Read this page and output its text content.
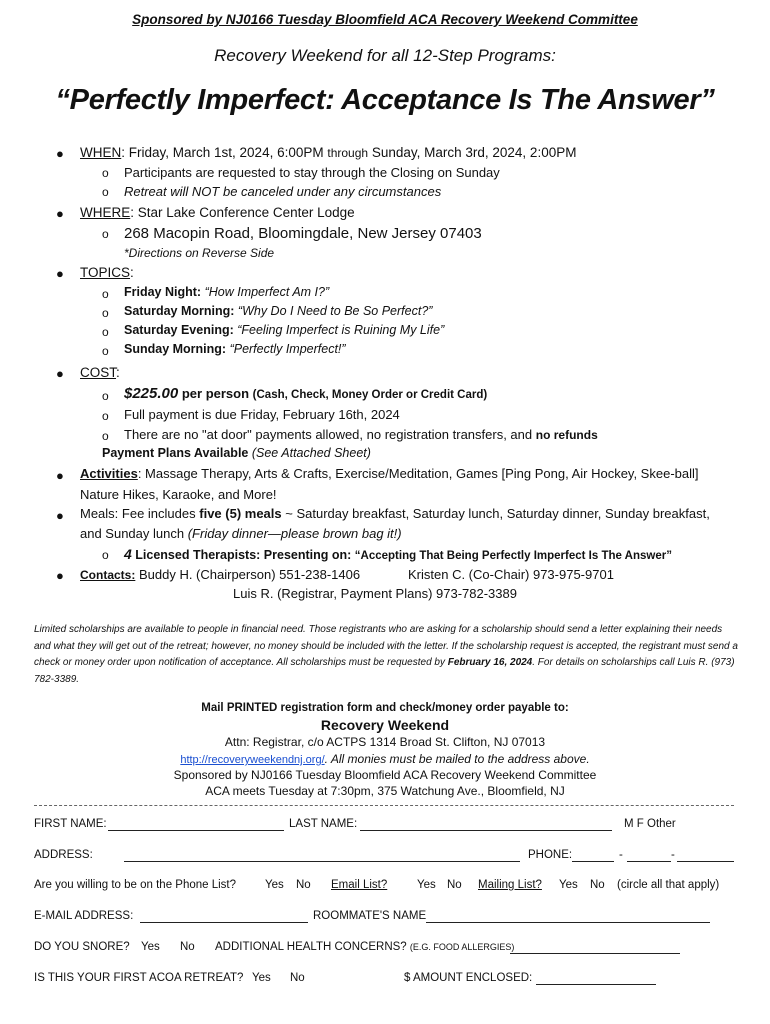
Sponsored by NJ0166 Tuesday Bloomfield ACA Recovery Weekend Committee
Recovery Weekend for all 12-Step Programs:
“Perfectly Imperfect: Acceptance Is The Answer”
● WHEN: Friday, March 1st, 2024, 6:00PM through Sunday, March 3rd, 2024, 2:00PM
o Participants are requested to stay through the Closing on Sunday
o Retreat will NOT be canceled under any circumstances
● WHERE: Star Lake Conference Center Lodge
o 268 Macopin Road, Bloomingdale, New Jersey 07403
*Directions on Reverse Side
● TOPICS:
o Friday Night: “How Imperfect Am I?”
o Saturday Morning: “Why Do I Need to Be So Perfect?”
o Saturday Evening: “Feeling Imperfect is Ruining My Life”
o Sunday Morning: “Perfectly Imperfect!”
● COST:
o $225.00 per person (Cash, Check, Money Order or Credit Card)
o Full payment is due Friday, February 16th, 2024
o There are no "at door" payments allowed, no registration transfers, and no refunds
Payment Plans Available (See Attached Sheet)
● Activities: Massage Therapy, Arts & Crafts, Exercise/Meditation, Games [Ping Pong, Air Hockey, Skee-ball]
Nature Hikes, Karaoke, and More!
● Meals: Fee includes five (5) meals ~ Saturday breakfast, Saturday lunch, Saturday dinner, Sunday breakfast,
and Sunday lunch (Friday dinner—please brown bag it!)
o 4 Licensed Therapists: Presenting on: “Accepting That Being Perfectly Imperfect Is The Answer”
● Contacts: Buddy H. (Chairperson) 551-238-1406	Kristen C. (Co-Chair) 973-975-9701
Luis R. (Registrar, Payment Plans) 973-782-3389
Limited scholarships are available to people in financial need. Those registrants who are asking for a scholarship should send a letter explaining their needs and what they will get out of the retreat; however, no money should be included with the letter. If the scholarship request is accepted, the registrant must send a check or money order upon notification of acceptance. All scholarships must be requested by February 16, 2024. For details on scholarships call Luis R. (973) 782-3389.
Mail PRINTED registration form and check/money order payable to:
Recovery Weekend
Attn: Registrar, c/o ACTPS 1314 Broad St. Clifton, NJ 07013
http://recoveryweekendnj.org/. All monies must be mailed to the address above.
Sponsored by NJ0166 Tuesday Bloomfield ACA Recovery Weekend Committee
ACA meets Tuesday at 7:30pm, 375 Watchung Ave., Bloomfield, NJ
FIRST NAME:	LAST NAME:	M F Other
ADDRESS:	PHONE:	-	-
Are you willing to be on the Phone List?	Yes No Email List?	Yes No Mailing List? Yes No (circle all that apply)
E-MAIL ADDRESS:	ROOMMATE'S NAME
DO YOU SNORE? Yes No ADDITIONAL HEALTH CONCERNS? (E.G. FOOD ALLERGIES)
IS THIS YOUR FIRST ACOA RETREAT? Yes No	$ AMOUNT ENCLOSED:
